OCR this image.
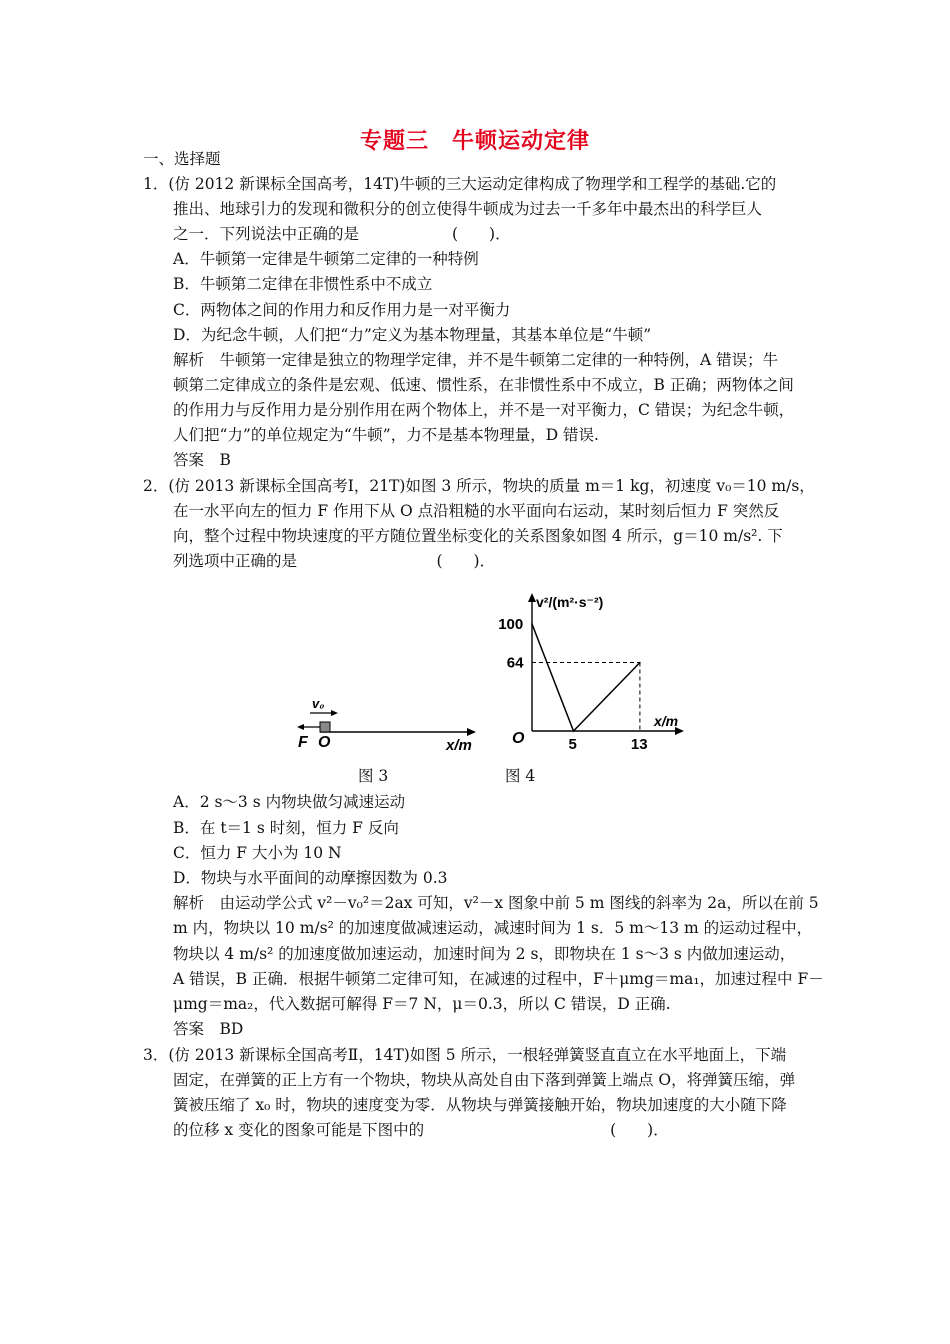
专题三　牛顿运动定律
一、选择题
1．(仿 2012 新课标全国高考，14T)牛顿的三大运动定律构成了物理学和工程学的基础.它的
推出、地球引力的发现和微积分的创立使得牛顿成为过去一千多年中最杰出的科学巨人
之一．下列说法中正确的是　　　　　　(　　)．
A．牛顿第一定律是牛顿第二定律的一种特例
B．牛顿第二定律在非惯性系中不成立
C．两物体之间的作用力和反作用力是一对平衡力
D．为纪念牛顿，人们把“力”定义为基本物理量，其基本单位是“牛顿”
解析　牛顿第一定律是独立的物理学定律，并不是牛顿第二定律的一种特例，A 错误；牛
顿第二定律成立的条件是宏观、低速、惯性系，在非惯性系中不成立，B 正确；两物体之间
的作用力与反作用力是分别作用在两个物体上，并不是一对平衡力，C 错误；为纪念牛顿，
人们把“力”的单位规定为“牛顿”，力不是基本物理量，D 错误.
答案　B
2．(仿 2013 新课标全国高考Ⅰ，21T)如图 3 所示，物块的质量 m＝1 kg，初速度 v₀＝10 m/s，
在一水平向左的恒力 F 作用下从 O 点沿粗糙的水平面向右运动，某时刻后恒力 F 突然反
向，整个过程中物块速度的平方随位置坐标变化的关系图象如图 4 所示，g＝10 m/s². 下
列选项中正确的是　　　　　　　　　(　　)．
v₀
F O	x/m
v²/(m²·s⁻²)
x/m
O	5	13
100
64
图 3	图 4
A．2 s～3 s 内物块做匀减速运动
B．在 t＝1 s 时刻，恒力 F 反向
C．恒力 F 大小为 10 N
D．物块与水平面间的动摩擦因数为 0.3
解析　由运动学公式 v²－v₀²＝2ax 可知，v²－x 图象中前 5 m 图线的斜率为 2a，所以在前 5
m 内，物块以 10 m/s² 的加速度做减速运动，减速时间为 1 s．5 m～13 m 的运动过程中，
物块以 4 m/s² 的加速度做加速运动，加速时间为 2 s，即物块在 1 s～3 s 内做加速运动，
A 错误，B 正确．根据牛顿第二定律可知，在减速的过程中，F＋μmg＝ma₁，加速过程中 F－
μmg＝ma₂，代入数据可解得 F＝7 N，μ＝0.3，所以 C 错误，D 正确.
答案　BD
3．(仿 2013 新课标全国高考Ⅱ，14T)如图 5 所示，一根轻弹簧竖直直立在水平地面上，下端
固定，在弹簧的正上方有一个物块，物块从高处自由下落到弹簧上端点 O，将弹簧压缩，弹
簧被压缩了 x₀ 时，物块的速度变为零．从物块与弹簧接触开始，物块加速度的大小随下降
的位移 x 变化的图象可能是下图中的　　　　　　　　　　　　(　　)．
